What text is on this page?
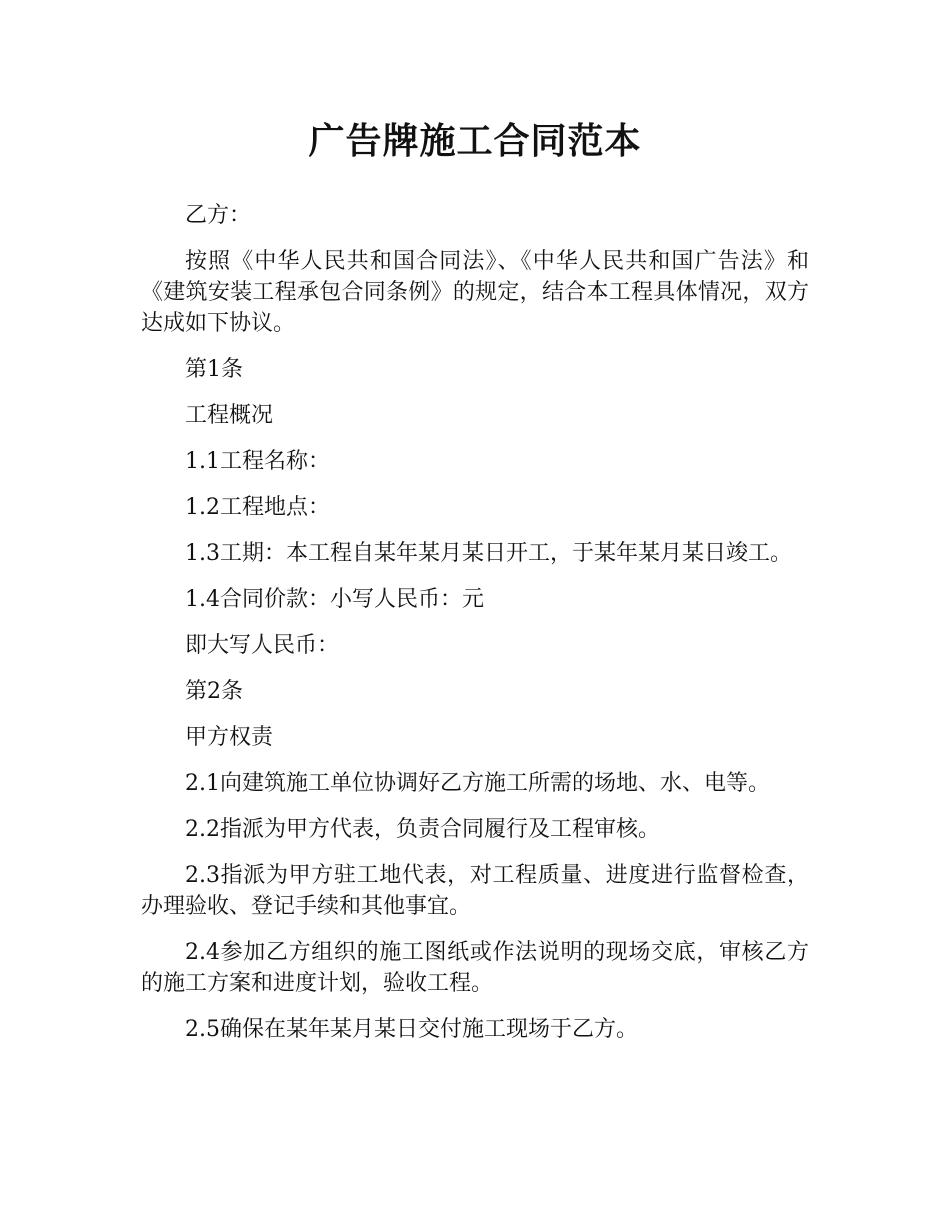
广告牌施工合同范本

乙方：

按照《中华人民共和国合同法》、《中华人民共和国广告法》和《建筑安装工程承包合同条例》的规定，结合本工程具体情况，双方达成如下协议。

第1条

工程概况

1.1工程名称：

1.2工程地点：

1.3工期：本工程自某年某月某日开工，于某年某月某日竣工。

1.4合同价款：小写人民币：元

即大写人民币：

第2条

甲方权责

2.1向建筑施工单位协调好乙方施工所需的场地、水、电等。

2.2指派为甲方代表，负责合同履行及工程审核。

2.3指派为甲方驻工地代表，对工程质量、进度进行监督检查，办理验收、登记手续和其他事宜。

2.4参加乙方组织的施工图纸或作法说明的现场交底，审核乙方的施工方案和进度计划，验收工程。

2.5确保在某年某月某日交付施工现场于乙方。
